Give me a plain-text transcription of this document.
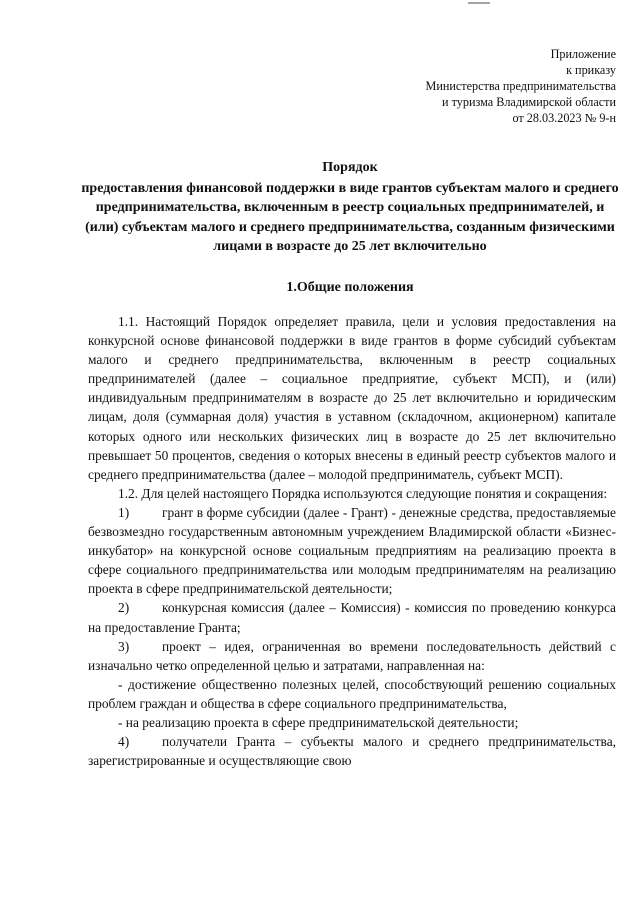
Приложение
к приказу
Министерства предпринимательства
и туризма Владимирской области
от 28.03.2023 № 9-н
Порядок
предоставления финансовой поддержки в виде грантов субъектам малого и среднего предпринимательства, включенным в реестр социальных предпринимателей, и (или) субъектам малого и среднего предпринимательства, созданным физическими лицами в возрасте до 25 лет включительно
1.Общие положения

1.1. Настоящий Порядок определяет правила, цели и условия предоставления на конкурсной основе финансовой поддержки в виде грантов в форме субсидий субъектам малого и среднего предпринимательства, включенным в реестр социальных предпринимателей (далее – социальное предприятие, субъект МСП), и (или) индивидуальным предпринимателям в возрасте до 25 лет включительно и юридическим лицам, доля (суммарная доля) участия в уставном (складочном, акционерном) капитале которых одного или нескольких физических лиц в возрасте до 25 лет включительно превышает 50 процентов, сведения о которых внесены в единый реестр субъектов малого и среднего предпринимательства (далее – молодой предприниматель, субъект МСП).

1.2. Для целей настоящего Порядка используются следующие понятия и сокращения:

1) грант в форме субсидии (далее - Грант) - денежные средства, предоставляемые безвозмездно государственным автономным учреждением Владимирской области «Бизнес-инкубатор» на конкурсной основе социальным предприятиям на реализацию проекта в сфере социального предпринимательства или молодым предпринимателям на реализацию проекта в сфере предпринимательской деятельности;

2) конкурсная комиссия (далее – Комиссия) - комиссия по проведению конкурса на предоставление Гранта;

3) проект – идея, ограниченная во времени последовательность действий с изначально четко определенной целью и затратами, направленная на:

- достижение общественно полезных целей, способствующий решению социальных проблем граждан и общества в сфере социального предпринимательства,

- на реализацию проекта в сфере предпринимательской деятельности;

4) получатели Гранта – субъекты малого и среднего предпринимательства, зарегистрированные и осуществляющие свою
